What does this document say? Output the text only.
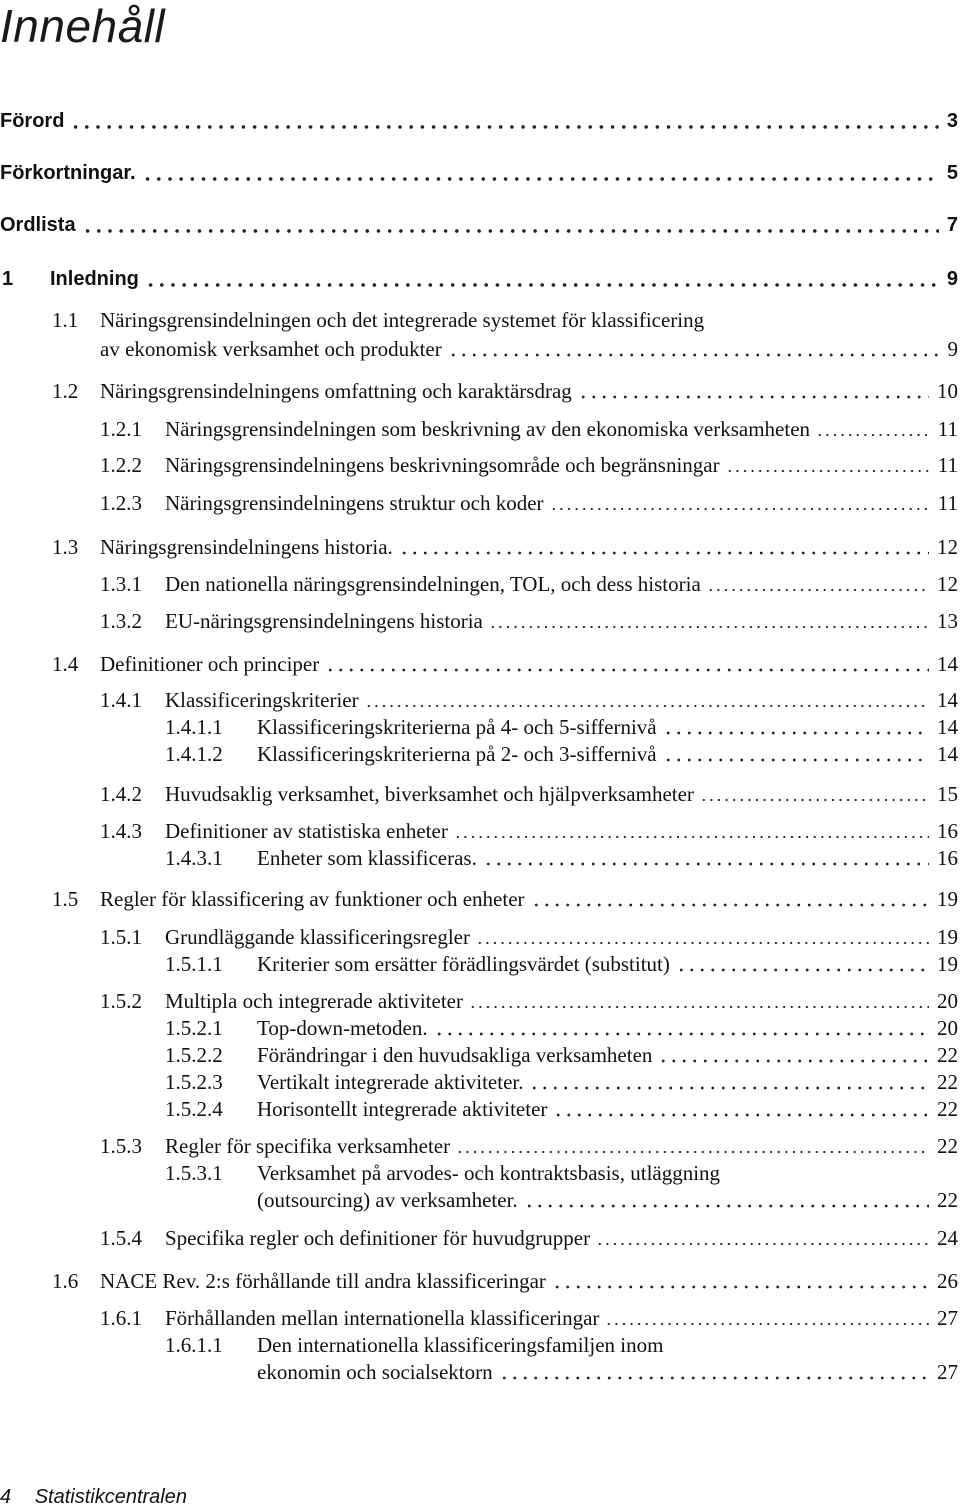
Innehåll
Förord	3
Förkortningar.	5
Ordlista	7
1 Inledning	9
1.1 Näringsgrensindelningen och det integrerade systemet för klassificering
av ekonomisk verksamhet och produkter	9
1.2 Näringsgrensindelningens omfattning och karaktärsdrag	10
1.2.1 Näringsgrensindelningen som beskrivning av den ekonomiska verksamheten	11
1.2.2 Näringsgrensindelningens beskrivningsområde och begränsningar	11
1.2.3 Näringsgrensindelningens struktur och koder	11
1.3 Näringsgrensindelningens historia.	12
1.3.1 Den nationella näringsgrensindelningen, TOL, och dess historia	12
1.3.2 EU-näringsgrensindelningens historia	13
1.4 Definitioner och principer	14
1.4.1 Klassificeringskriterier	14
1.4.1.1 Klassificeringskriterierna på 4- och 5-siffernivå	14
1.4.1.2 Klassificeringskriterierna på 2- och 3-siffernivå	14
1.4.2 Huvudsaklig verksamhet, biverksamhet och hjälpverksamheter	15
1.4.3 Definitioner av statistiska enheter	16
1.4.3.1 Enheter som klassificeras.	16
1.5 Regler för klassificering av funktioner och enheter	19
1.5.1 Grundläggande klassificeringsregler	19
1.5.1.1 Kriterier som ersätter förädlingsvärdet (substitut)	19
1.5.2 Multipla och integrerade aktiviteter	20
1.5.2.1 Top-down-metoden.	20
1.5.2.2 Förändringar i den huvudsakliga verksamheten	22
1.5.2.3 Vertikalt integrerade aktiviteter.	22
1.5.2.4 Horisontellt integrerade aktiviteter	22
1.5.3 Regler för specifika verksamheter	22
1.5.3.1 Verksamhet på arvodes- och kontraktsbasis, utläggning
(outsourcing) av verksamheter.	22
1.5.4 Specifika regler och definitioner för huvudgrupper	24
1.6 NACE Rev. 2:s förhållande till andra klassificeringar	26
1.6.1 Förhållanden mellan internationella klassificeringar	27
1.6.1.1 Den internationella klassificeringsfamiljen inom
ekonomin och socialsektorn	27
4 Statistikcentralen
